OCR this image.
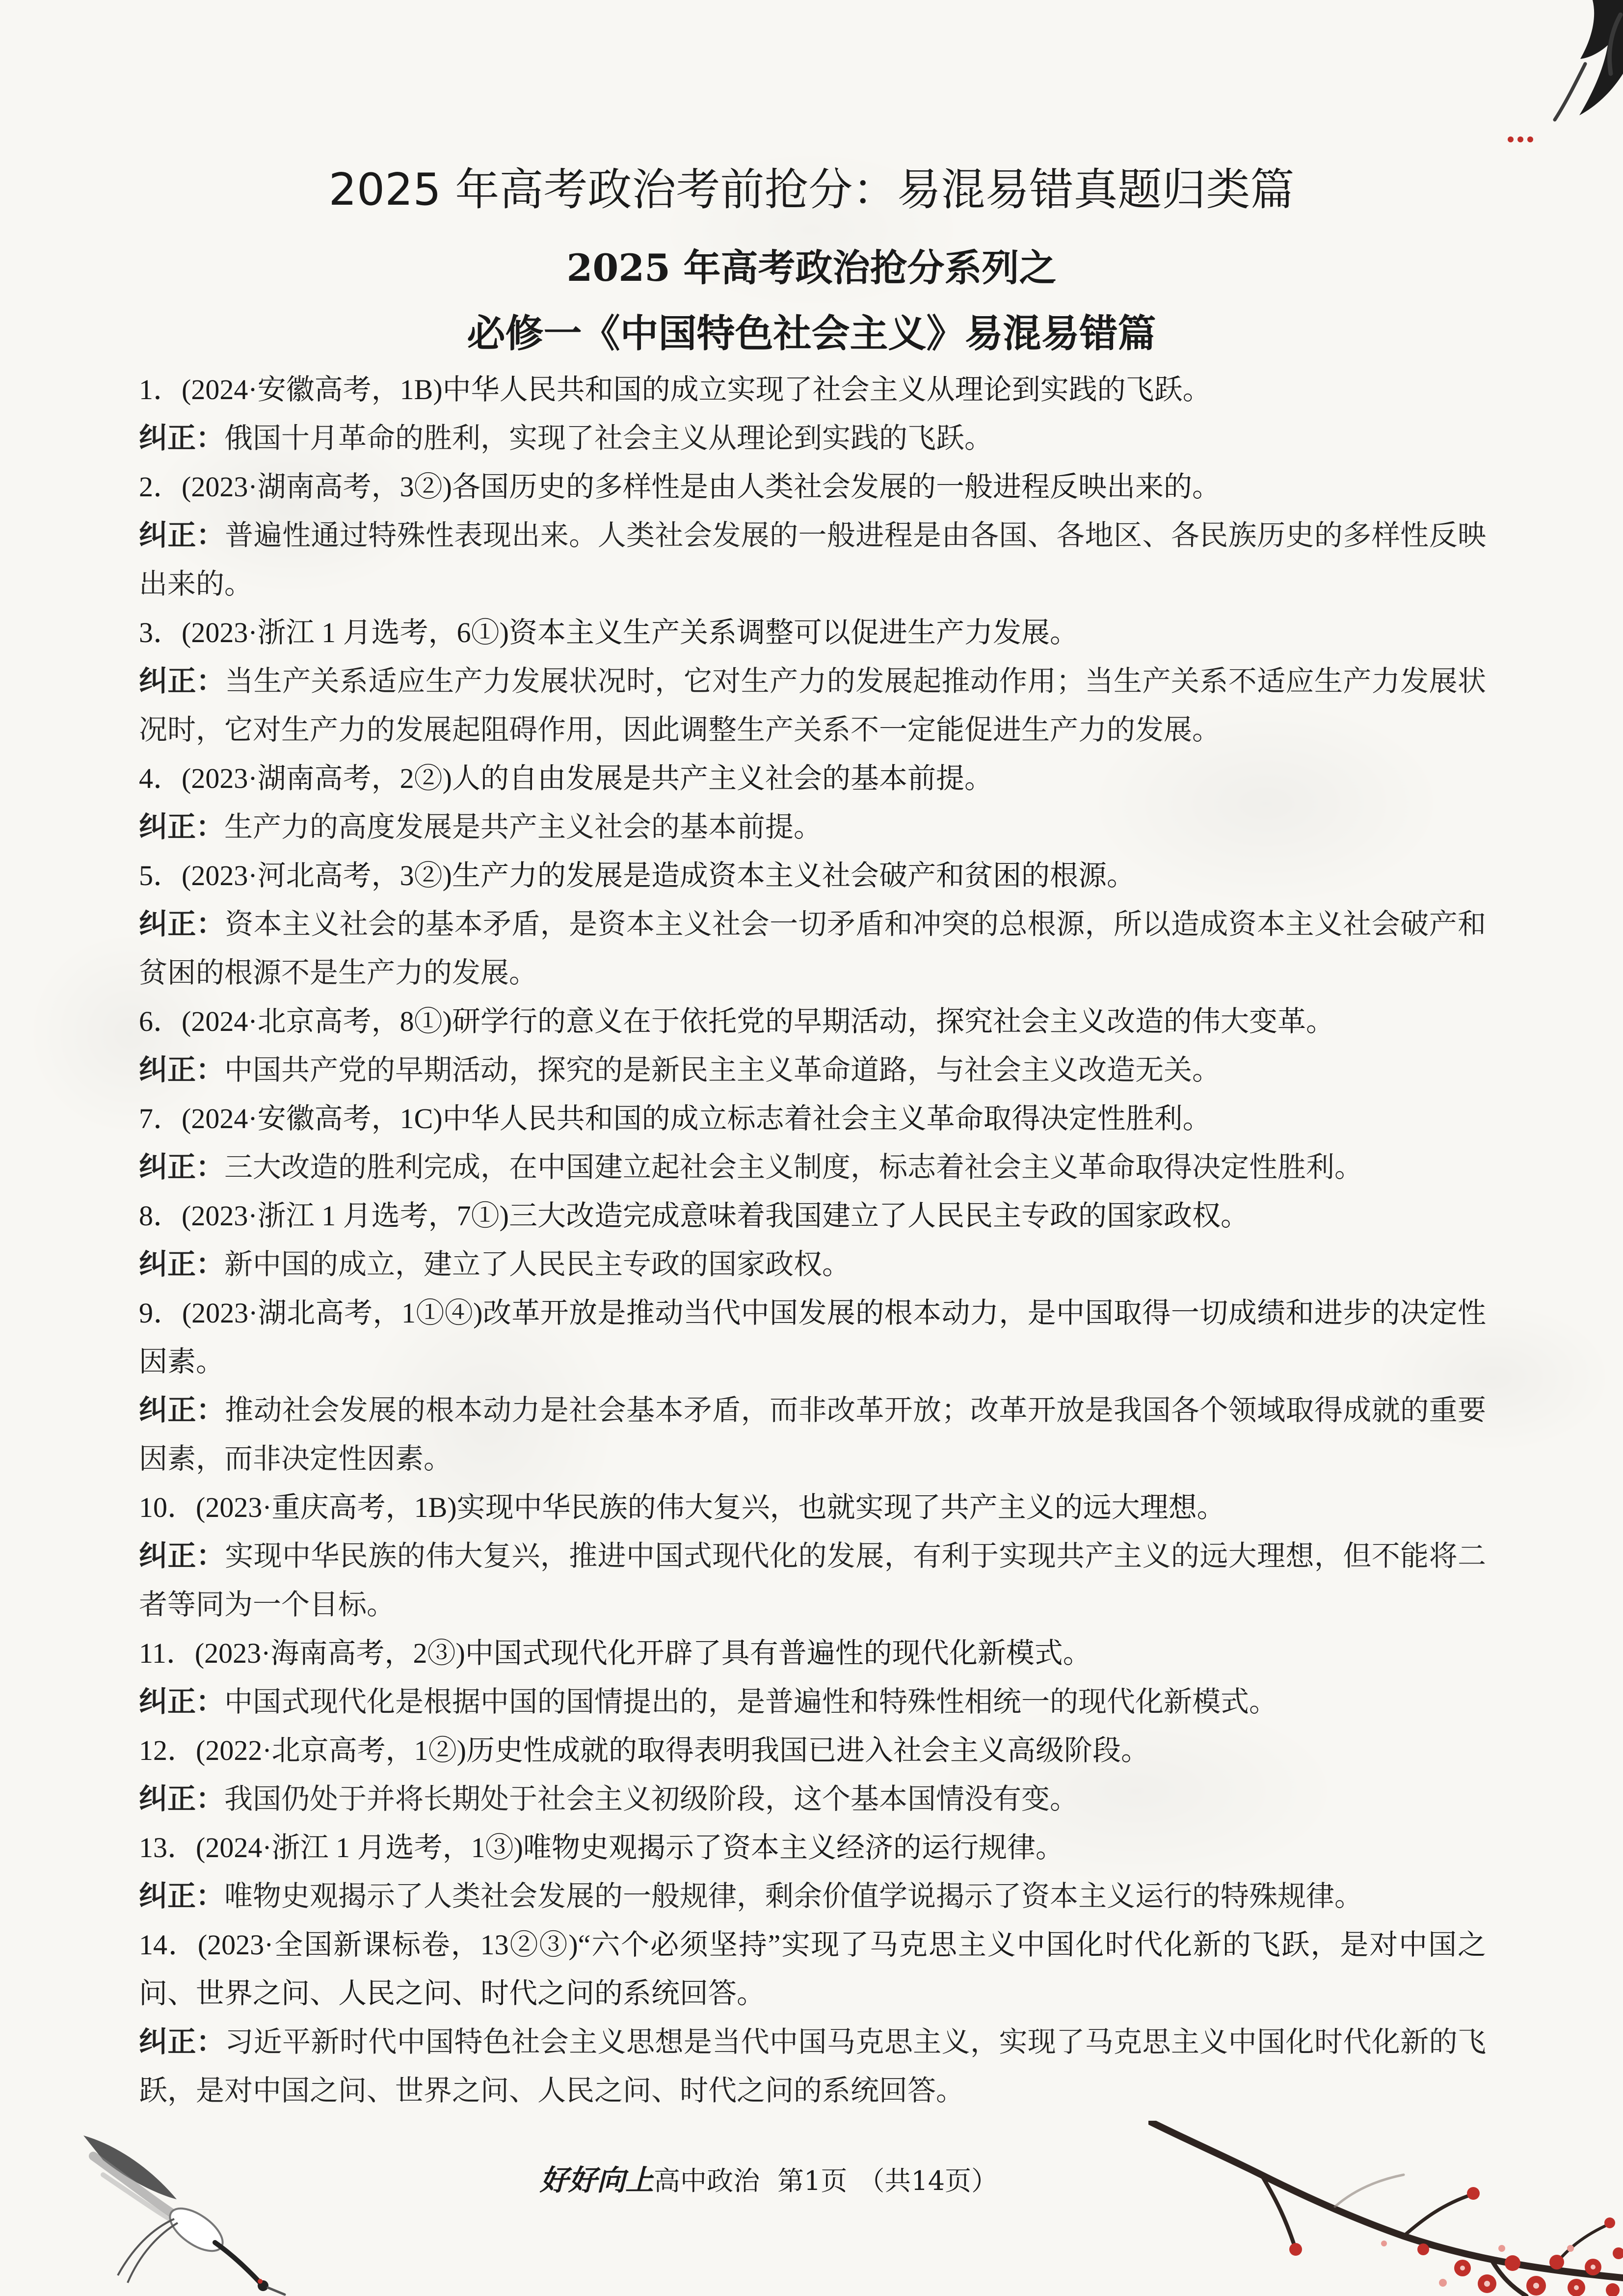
2025 年高考政治考前抢分：易混易错真题归类篇
2025 年高考政治抢分系列之
必修一《中国特色社会主义》易混易错篇

1．(2024·安徽高考，1B)中华人民共和国的成立实现了社会主义从理论到实践的飞跃。

纠正：俄国十月革命的胜利，实现了社会主义从理论到实践的飞跃。

2．(2023·湖南高考，3②)各国历史的多样性是由人类社会发展的一般进程反映出来的。

纠正：普遍性通过特殊性表现出来。人类社会发展的一般进程是由各国、各地区、各民族历史的多样性反映出来的。

3．(2023·浙江 1 月选考，6①)资本主义生产关系调整可以促进生产力发展。

纠正：当生产关系适应生产力发展状况时，它对生产力的发展起推动作用；当生产关系不适应生产力发展状况时，它对生产力的发展起阻碍作用，因此调整生产关系不一定能促进生产力的发展。

4．(2023·湖南高考，2②)人的自由发展是共产主义社会的基本前提。

纠正：生产力的高度发展是共产主义社会的基本前提。

5．(2023·河北高考，3②)生产力的发展是造成资本主义社会破产和贫困的根源。

纠正：资本主义社会的基本矛盾，是资本主义社会一切矛盾和冲突的总根源，所以造成资本主义社会破产和贫困的根源不是生产力的发展。

6．(2024·北京高考，8①)研学行的意义在于依托党的早期活动，探究社会主义改造的伟大变革。

纠正：中国共产党的早期活动，探究的是新民主主义革命道路，与社会主义改造无关。

7．(2024·安徽高考，1C)中华人民共和国的成立标志着社会主义革命取得决定性胜利。

纠正：三大改造的胜利完成，在中国建立起社会主义制度，标志着社会主义革命取得决定性胜利。

8．(2023·浙江 1 月选考，7①)三大改造完成意味着我国建立了人民民主专政的国家政权。

纠正：新中国的成立，建立了人民民主专政的国家政权。

9．(2023·湖北高考，1①④)改革开放是推动当代中国发展的根本动力，是中国取得一切成绩和进步的决定性因素。

纠正：推动社会发展的根本动力是社会基本矛盾，而非改革开放；改革开放是我国各个领域取得成就的重要因素，而非决定性因素。

10．(2023·重庆高考，1B)实现中华民族的伟大复兴，也就实现了共产主义的远大理想。

纠正：实现中华民族的伟大复兴，推进中国式现代化的发展，有利于实现共产主义的远大理想，但不能将二者等同为一个目标。

11．(2023·海南高考，2③)中国式现代化开辟了具有普遍性的现代化新模式。

纠正：中国式现代化是根据中国的国情提出的，是普遍性和特殊性相统一的现代化新模式。

12．(2022·北京高考，1②)历史性成就的取得表明我国已进入社会主义高级阶段。

纠正：我国仍处于并将长期处于社会主义初级阶段，这个基本国情没有变。

13．(2024·浙江 1 月选考，1③)唯物史观揭示了资本主义经济的运行规律。

纠正：唯物史观揭示了人类社会发展的一般规律，剩余价值学说揭示了资本主义运行的特殊规律。

14．(2023·全国新课标卷，13②③)“六个必须坚持”实现了马克思主义中国化时代化新的飞跃，是对中国之问、世界之问、人民之问、时代之问的系统回答。

纠正：习近平新时代中国特色社会主义思想是当代中国马克思主义，实现了马克思主义中国化时代化新的飞跃，是对中国之问、世界之问、人民之问、时代之问的系统回答。

好好向上高中政治 第1页 （共14页）
